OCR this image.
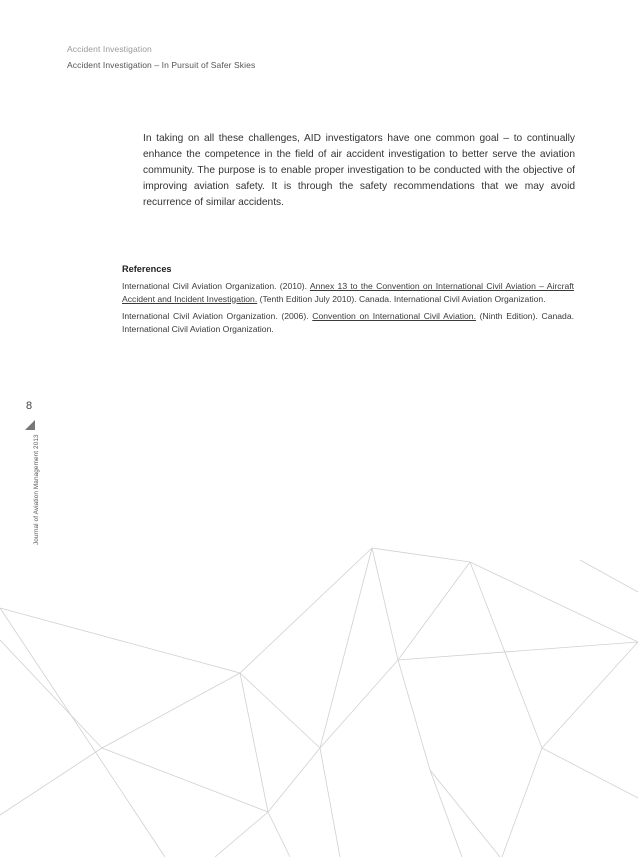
Accident Investigation
Accident Investigation – In Pursuit of Safer Skies
In taking on all these challenges, AID investigators have one common goal – to continually enhance the competence in the field of air accident investigation to better serve the aviation community. The purpose is to enable proper investigation to be conducted with the objective of improving aviation safety. It is through the safety recommendations that we may avoid recurrence of similar accidents.
References
International Civil Aviation Organization. (2010). Annex 13 to the Convention on International Civil Aviation – Aircraft Accident and Incident Investigation. (Tenth Edition July 2010). Canada. International Civil Aviation Organization.
International Civil Aviation Organization. (2006). Convention on International Civil Aviation. (Ninth Edition). Canada. International Civil Aviation Organization.
8
Journal of Aviation Management 2013
